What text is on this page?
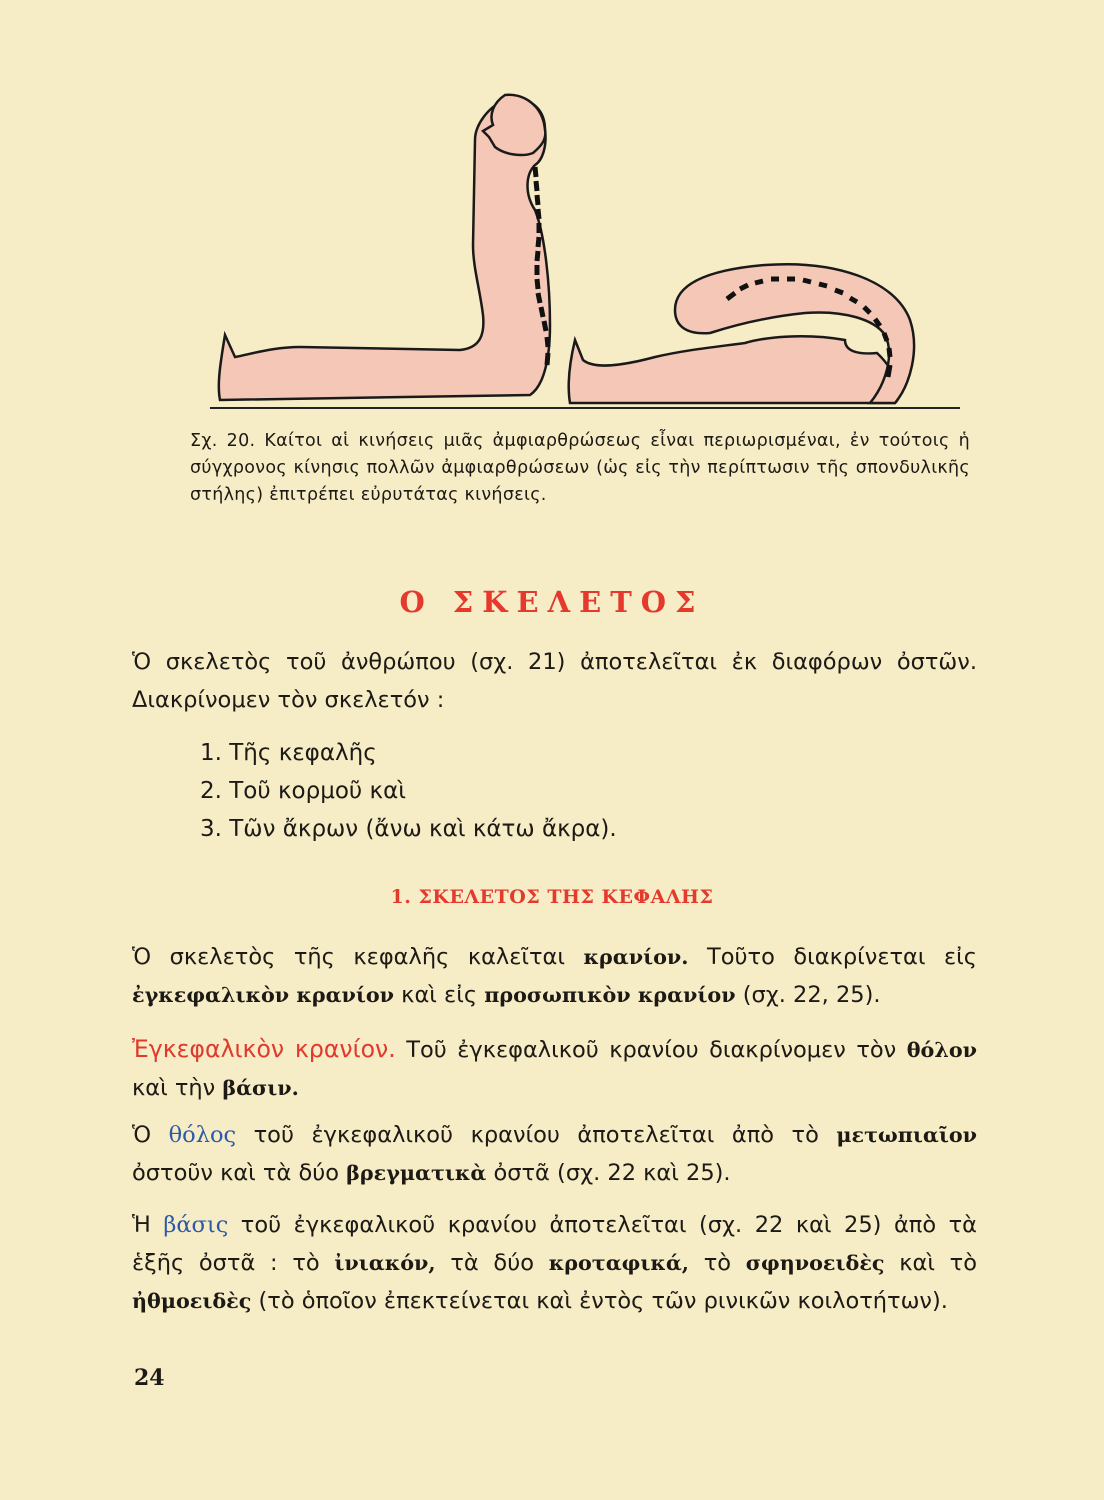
Σχ. 20. Καίτοι αἱ κινήσεις μιᾶς ἀμφιαρθρώσεως εἶναι περιωρισμέναι, ἐν τούτοις ἡ σύγχρονος κίνησις πολλῶν ἀμφιαρθρώσεων (ὡς εἰς τὴν περίπτωσιν τῆς σπονδυλικῆς στήλης) ἐπιτρέπει εὐρυτάτας κινήσεις.

Ο ΣΚΕΛΕΤΟΣ

Ὁ σκελετὸς τοῦ ἀνθρώπου (σχ. 21) ἀποτελεῖται ἐκ διαφόρων ὀστῶν. Διακρίνομεν τὸν σκελετόν :

1. Τῆς κεφαλῆς
2. Τοῦ κορμοῦ καὶ
3. Τῶν ἄκρων (ἄνω καὶ κάτω ἄκρα).
1. ΣΚΕΛΕΤΟΣ ΤΗΣ ΚΕΦΑΛΗΣ

Ὁ σκελετὸς τῆς κεφαλῆς καλεῖται κρανίον. Τοῦτο διακρίνεται εἰς ἐγκεφαλικὸν κρανίον καὶ εἰς προσωπικὸν κρανίον (σχ. 22, 25).

Ἐγκεφαλικὸν κρανίον. Τοῦ ἐγκεφαλικοῦ κρανίου διακρίνομεν τὸν θόλον καὶ τὴν βάσιν.

Ὁ θόλος τοῦ ἐγκεφαλικοῦ κρανίου ἀποτελεῖται ἀπὸ τὸ μετωπιαῖον ὀστοῦν καὶ τὰ δύο βρεγματικὰ ὀστᾶ (σχ. 22 καὶ 25).

Ἡ βάσις τοῦ ἐγκεφαλικοῦ κρανίου ἀποτελεῖται (σχ. 22 καὶ 25) ἀπὸ τὰ ἑξῆς ὀστᾶ : τὸ ἰνιακόν, τὰ δύο κροταφικά, τὸ σφηνοειδὲς καὶ τὸ ἠθμοειδὲς (τὸ ὁποῖον ἐπεκτείνεται καὶ ἐντὸς τῶν ρινικῶν κοιλοτήτων).

24
